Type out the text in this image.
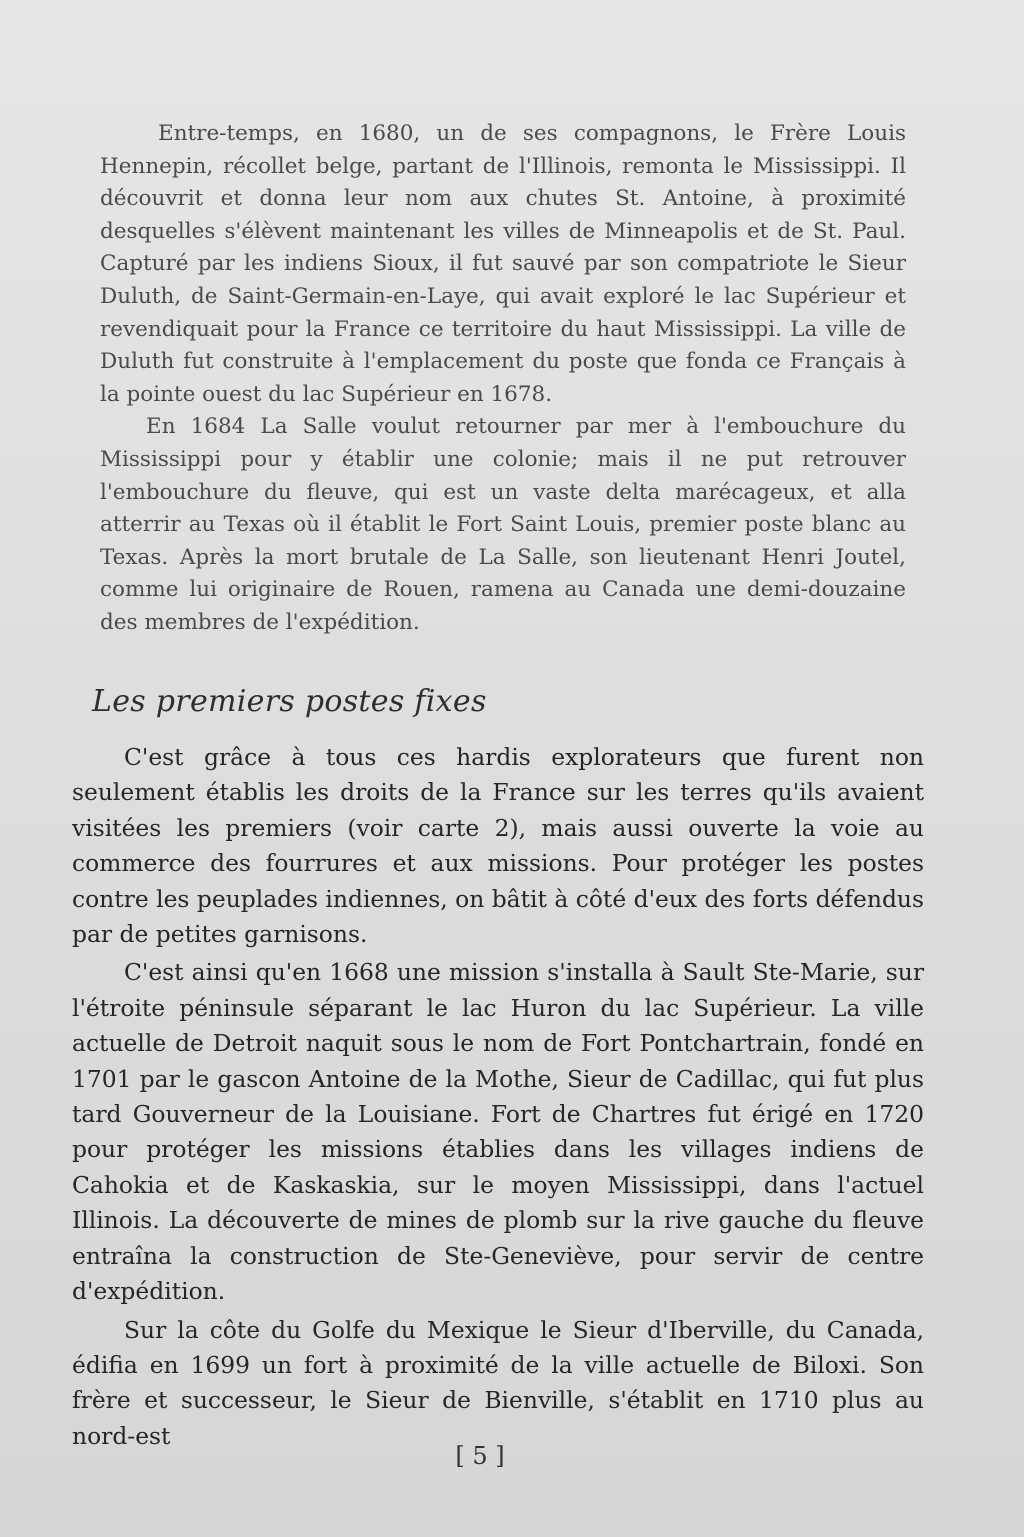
Entre-temps, en 1680, un de ses compagnons, le Frère Louis Hennepin, récollet belge, partant de l'Illinois, remonta le Mississippi. Il découvrit et donna leur nom aux chutes St. Antoine, à proximité desquelles s'élèvent maintenant les villes de Minneapolis et de St. Paul. Capturé par les indiens Sioux, il fut sauvé par son compatriote le Sieur Duluth, de Saint-Germain-en-Laye, qui avait exploré le lac Supérieur et revendiquait pour la France ce territoire du haut Mississippi. La ville de Duluth fut construite à l'emplacement du poste que fonda ce Français à la pointe ouest du lac Supérieur en 1678.

En 1684 La Salle voulut retourner par mer à l'embouchure du Mississippi pour y établir une colonie; mais il ne put retrouver l'embouchure du fleuve, qui est un vaste delta marécageux, et alla atterrir au Texas où il établit le Fort Saint Louis, premier poste blanc au Texas. Après la mort brutale de La Salle, son lieutenant Henri Joutel, comme lui originaire de Rouen, ramena au Canada une demi-douzaine des membres de l'expédition.

Les premiers postes fixes

C'est grâce à tous ces hardis explorateurs que furent non seulement établis les droits de la France sur les terres qu'ils avaient visitées les premiers (voir carte 2), mais aussi ouverte la voie au commerce des fourrures et aux missions. Pour protéger les postes contre les peuplades indiennes, on bâtit à côté d'eux des forts défendus par de petites garnisons.

C'est ainsi qu'en 1668 une mission s'installa à Sault Ste-Marie, sur l'étroite péninsule séparant le lac Huron du lac Supérieur. La ville actuelle de Detroit naquit sous le nom de Fort Pontchartrain, fondé en 1701 par le gascon Antoine de la Mothe, Sieur de Cadillac, qui fut plus tard Gouverneur de la Louisiane. Fort de Chartres fut érigé en 1720 pour protéger les missions établies dans les villages indiens de Cahokia et de Kaskaskia, sur le moyen Mississippi, dans l'actuel Illinois. La découverte de mines de plomb sur la rive gauche du fleuve entraîna la construction de Ste-Geneviève, pour servir de centre d'expédition.

Sur la côte du Golfe du Mexique le Sieur d'Iberville, du Canada, édifia en 1699 un fort à proximité de la ville actuelle de Biloxi. Son frère et successeur, le Sieur de Bienville, s'établit en 1710 plus au nord-est

[ 5 ]
